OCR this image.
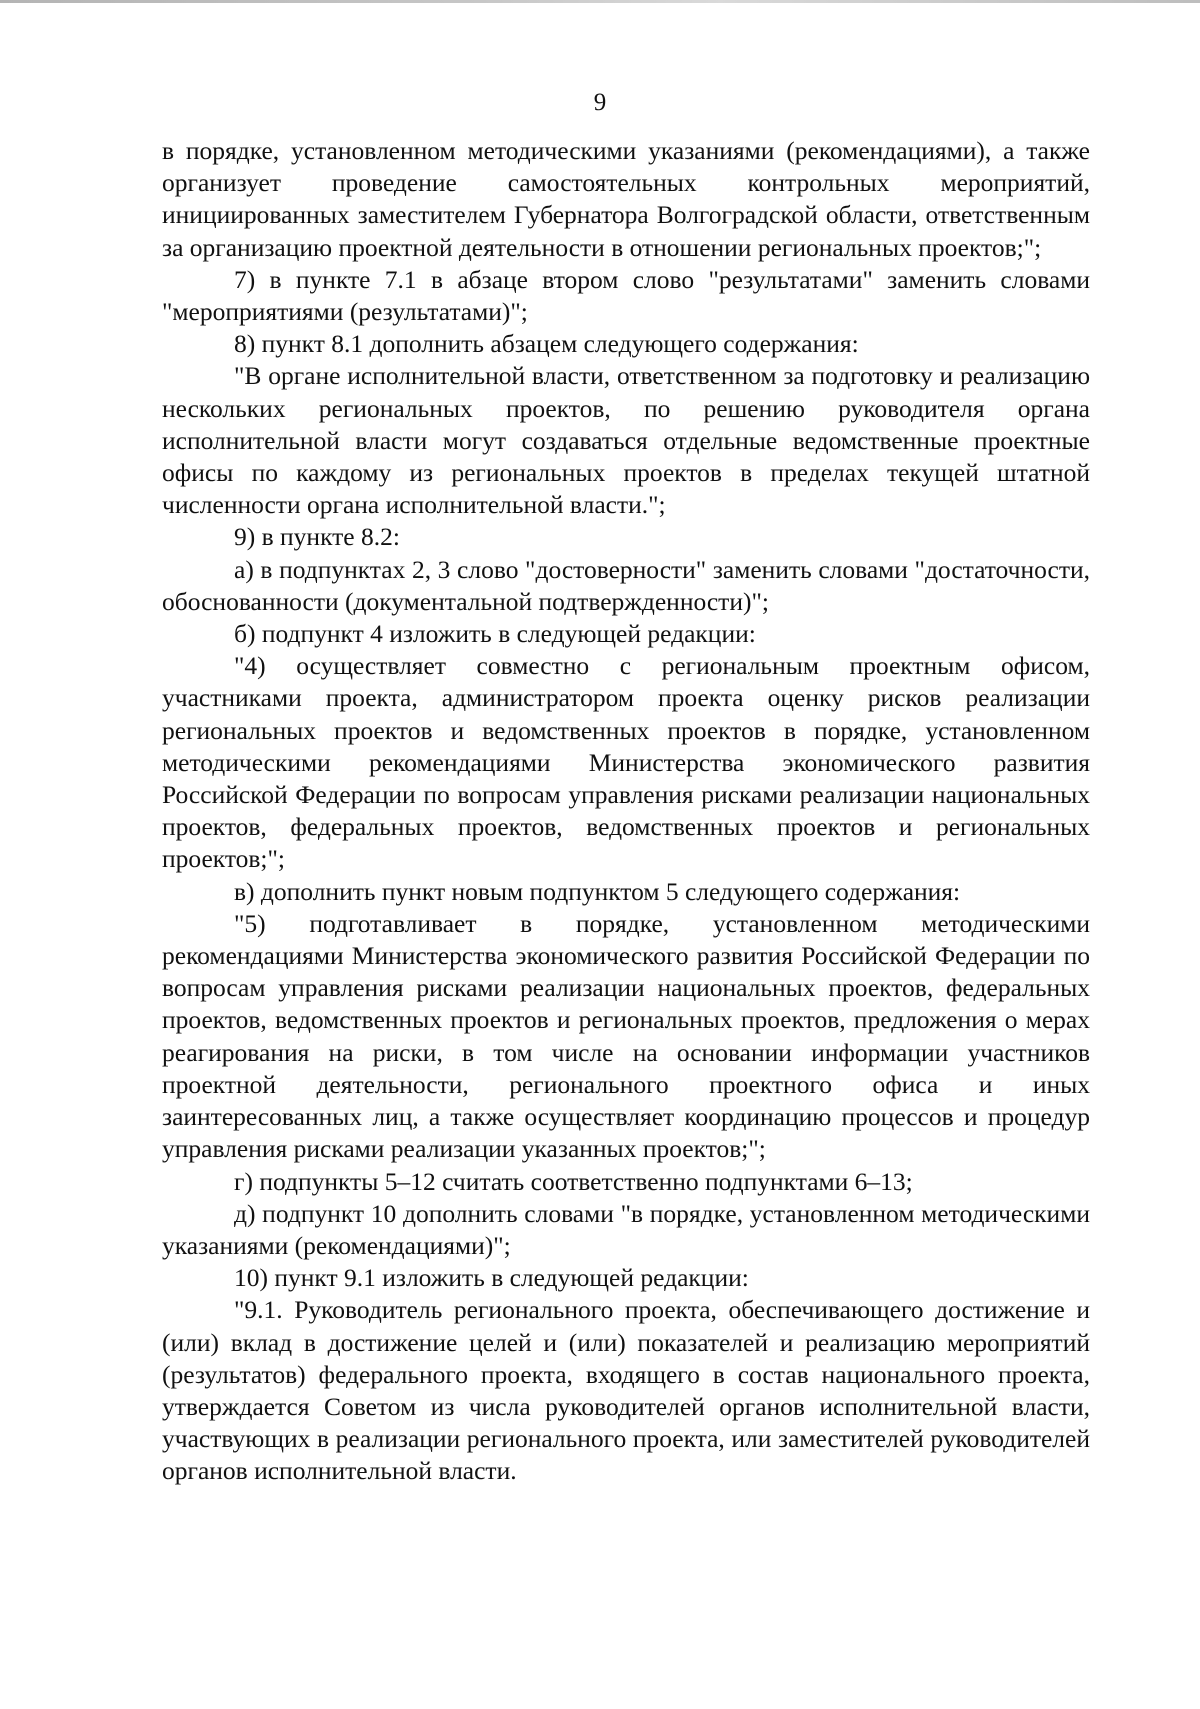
9

в порядке, установленном методическими указаниями (рекомендациями), а также организует проведение самостоятельных контрольных мероприятий, инициированных заместителем Губернатора Волгоградской области, ответственным за организацию проектной деятельности в отношении региональных проектов;";

7) в пункте 7.1 в абзаце втором слово "результатами" заменить словами "мероприятиями (результатами)";

8) пункт 8.1 дополнить абзацем следующего содержания:

"В органе исполнительной власти, ответственном за подготовку и реализацию нескольких региональных проектов, по решению руководителя органа исполнительной власти могут создаваться отдельные ведомственные проектные офисы по каждому из региональных проектов в пределах текущей штатной численности органа исполнительной власти.";

9) в пункте 8.2:

а) в подпунктах 2, 3 слово "достоверности" заменить словами "достаточности, обоснованности (документальной подтвержденности)";

б) подпункт 4 изложить в следующей редакции:

"4) осуществляет совместно с региональным проектным офисом, участниками проекта, администратором проекта оценку рисков реализации региональных проектов и ведомственных проектов в порядке, установленном методическими рекомендациями Министерства экономического развития Российской Федерации по вопросам управления рисками реализации национальных проектов, федеральных проектов, ведомственных проектов и региональных проектов;";

в) дополнить пункт новым подпунктом 5 следующего содержания:

"5) подготавливает в порядке, установленном методическими рекомендациями Министерства экономического развития Российской Федерации по вопросам управления рисками реализации национальных проектов, федеральных проектов, ведомственных проектов и региональных проектов, предложения о мерах реагирования на риски, в том числе на основании информации участников проектной деятельности, регионального проектного офиса и иных заинтересованных лиц, а также осуществляет координацию процессов и процедур управления рисками реализации указанных проектов;";

г) подпункты 5–12 считать соответственно подпунктами 6–13;

д) подпункт 10 дополнить словами "в порядке, установленном методическими указаниями (рекомендациями)";

10) пункт 9.1 изложить в следующей редакции:

"9.1. Руководитель регионального проекта, обеспечивающего достижение и (или) вклад в достижение целей и (или) показателей и реализацию мероприятий (результатов) федерального проекта, входящего в состав национального проекта, утверждается Советом из числа руководителей органов исполнительной власти, участвующих в реализации регионального проекта, или заместителей руководителей органов исполнительной власти.
